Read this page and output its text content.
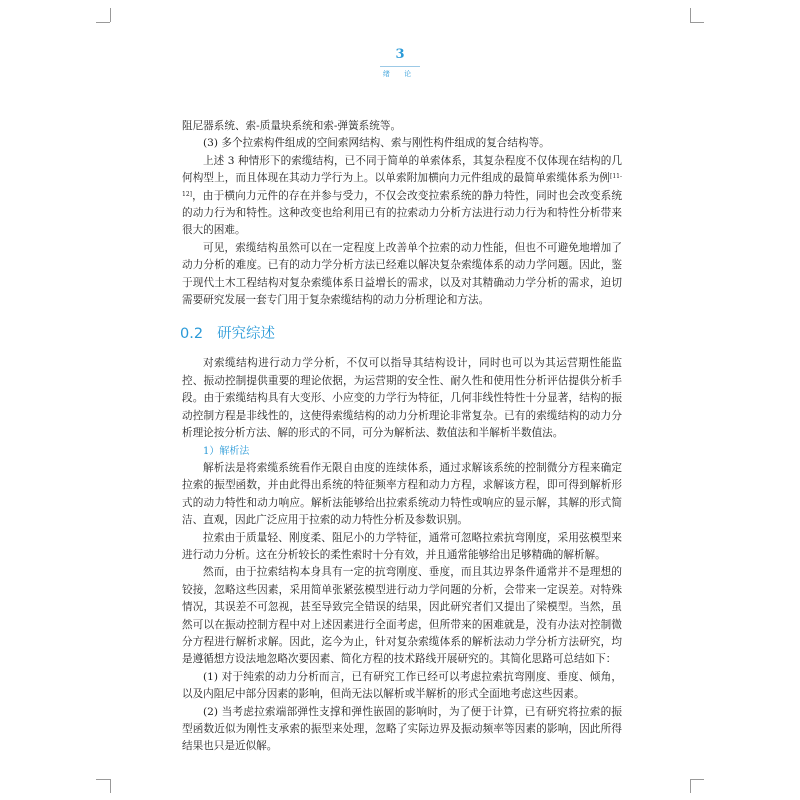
3
绪 论

阻尼器系统、索-质量块系统和索-弹簧系统等。

(3) 多个拉索构件组成的空间索网结构、索与刚性构件组成的复合结构等。

上述 3 种情形下的索缆结构，已不同于简单的单索体系，其复杂程度不仅体现在结构的几何构型上，而且体现在其动力学行为上。以单索附加横向力元件组成的最简单索缆体系为例[11-12]，由于横向力元件的存在并参与受力，不仅会改变拉索系统的静力特性，同时也会改变系统的动力行为和特性。这种改变也给利用已有的拉索动力分析方法进行动力行为和特性分析带来很大的困难。

可见，索缆结构虽然可以在一定程度上改善单个拉索的动力性能，但也不可避免地增加了动力分析的难度。已有的动力学分析方法已经难以解决复杂索缆体系的动力学问题。因此，鉴于现代土木工程结构对复杂索缆体系日益增长的需求，以及对其精确动力学分析的需求，迫切需要研究发展一套专门用于复杂索缆结构的动力分析理论和方法。

0.2 研究综述

对索缆结构进行动力学分析，不仅可以指导其结构设计，同时也可以为其运营期性能监控、振动控制提供重要的理论依据，为运营期的安全性、耐久性和使用性分析评估提供分析手段。由于索缆结构具有大变形、小应变的力学行为特征，几何非线性特性十分显著，结构的振动控制方程是非线性的，这使得索缆结构的动力分析理论非常复杂。已有的索缆结构的动力分析理论按分析方法、解的形式的不同，可分为解析法、数值法和半解析半数值法。

1）解析法

解析法是将索缆系统看作无限自由度的连续体系，通过求解该系统的控制微分方程来确定拉索的振型函数，并由此得出系统的特征频率方程和动力方程，求解该方程，即可得到解析形式的动力特性和动力响应。解析法能够给出拉索系统动力特性或响应的显示解，其解的形式简洁、直观，因此广泛应用于拉索的动力特性分析及参数识别。

拉索由于质量轻、刚度柔、阻尼小的力学特征，通常可忽略拉索抗弯刚度，采用弦模型来进行动力分析。这在分析较长的柔性索时十分有效，并且通常能够给出足够精确的解析解。

然而，由于拉索结构本身具有一定的抗弯刚度、垂度，而且其边界条件通常并不是理想的铰接，忽略这些因素，采用简单张紧弦模型进行动力学问题的分析，会带来一定误差。对特殊情况，其误差不可忽视，甚至导致完全错误的结果，因此研究者们又提出了梁模型。当然，虽然可以在振动控制方程中对上述因素进行全面考虑，但所带来的困难就是，没有办法对控制微分方程进行解析求解。因此，迄今为止，针对复杂索缆体系的解析法动力学分析方法研究，均是遵循想方设法地忽略次要因素、简化方程的技术路线开展研究的。其简化思路可总结如下：

(1) 对于纯索的动力分析而言，已有研究工作已经可以考虑拉索抗弯刚度、垂度、倾角，以及内阻尼中部分因素的影响，但尚无法以解析或半解析的形式全面地考虑这些因素。

(2) 当考虑拉索端部弹性支撑和弹性嵌固的影响时，为了便于计算，已有研究将拉索的振型函数近似为刚性支承索的振型来处理，忽略了实际边界及振动频率等因素的影响，因此所得结果也只是近似解。
